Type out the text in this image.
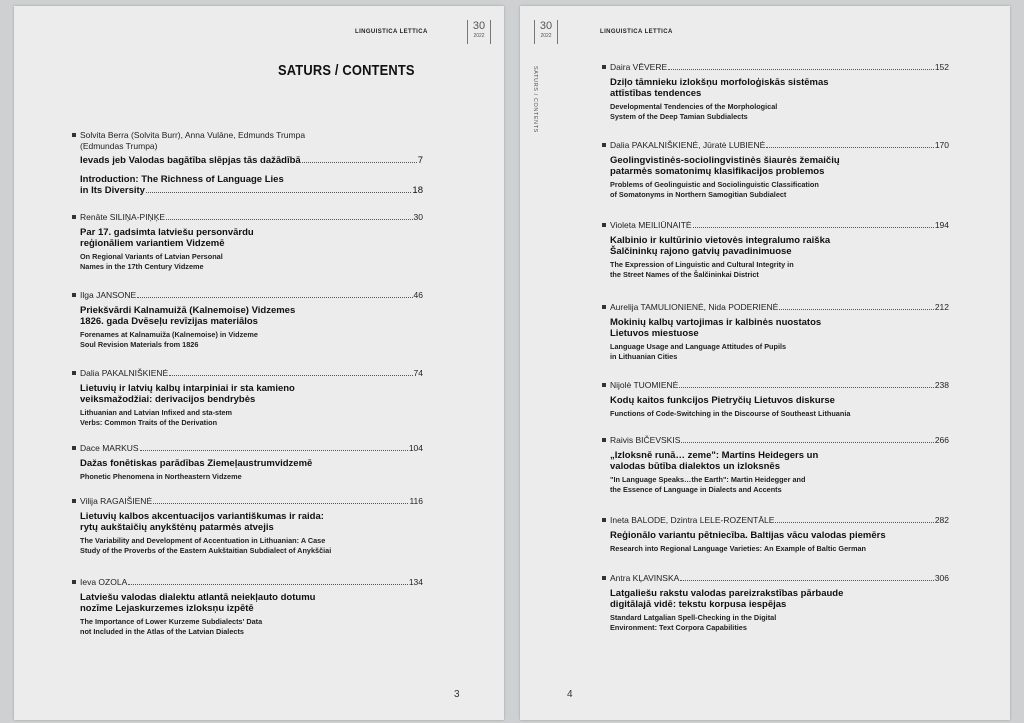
LINGUISTICA LETTICA	30
2022
SATURS / CONTENTS
Solvita Berra (Solvita Burr), Anna Vulāne, Edmunds Trumpa
(Edmundas Trumpa)
Ievads jeb Valodas bagātība slēpjas tās dažādībā	7
Introduction: The Richness of Language Lies
in Its Diversity	18
Renāte SILIŅA-PIŅĶE	30
Par 17. gadsimta latviešu personvārdu
reģionāliem variantiem Vidzemē
On Regional Variants of Latvian Personal
Names in the 17th Century Vidzeme
Ilga JANSONE	46
Priekšvārdi Kalnamuižā (Kalnemoise) Vidzemes
1826. gada Dvēseļu revīzijas materiālos
Forenames at Kalnamuiža (Kalnemoise) in Vidzeme
Soul Revision Materials from 1826
Dalia PAKALNIŠKIENĖ	74
Lietuvių ir latvių kalbų intarpiniai ir sta kamieno
veiksmažodžiai: derivacijos bendrybės
Lithuanian and Latvian Infixed and sta-stem
Verbs: Common Traits of the Derivation
Dace MARKUS	104
Dažas fonētiskas parādības Ziemeļaustrumvidzemē
Phonetic Phenomena in Northeastern Vidzeme
Vilija RAGAIŠIENĖ	116
Lietuvių kalbos akcentuacijos variantiškumas ir raida:
rytų aukštaičių anykštėnų patarmės atvejis
The Variability and Development of Accentuation in Lithuanian: A Case
Study of the Proverbs of the Eastern Aukštaitian Subdialect of Anykščiai
Ieva OZOLA	134
Latviešu valodas dialektu atlantā neiekļauto dotumu
nozīme Lejaskurzemes izloksņu izpētē
The Importance of Lower Kurzeme Subdialects' Data
not Included in the Atlas of the Latvian Dialects
3
30
2022
LINGUISTICA LETTICA
SATURS / CONTENTS	Daira VĒVERE	152
Dziļo tāmnieku izlokšņu morfoloģiskās sistēmas
attīstības tendences
Developmental Tendencies of the Morphological
System of the Deep Tamian Subdialects
Dalia PAKALNIŠKIENĖ, Jūratė LUBIENĖ	170
Geolingvistinės-sociolingvistinės šiaurės žemaičių
patarmės somatonimų klasifikacijos problemos
Problems of Geolinguistic and Sociolinguistic Classification
of Somatonyms in Northern Samogitian Subdialect
Violeta MEILIŪNAITĖ	194
Kalbinio ir kultūrinio vietovės integralumo raiška
Šalčininkų rajono gatvių pavadinimuose
The Expression of Linguistic and Cultural Integrity in
the Street Names of the Šalčininkai District
Aurelija TAMULIONIENĖ, Nida PODERIENĖ	212
Mokinių kalbų vartojimas ir kalbinės nuostatos
Lietuvos miestuose
Language Usage and Language Attitudes of Pupils
in Lithuanian Cities
Nijolė TUOMIENĖ	238
Kodų kaitos funkcijos Pietryčių Lietuvos diskurse
Functions of Code-Switching in the Discourse of Southeast Lithuania
Raivis BIČEVSKIS	266
„Izloksnē runā… zeme": Martins Heidegers un
valodas būtība dialektos un izloksnēs
"In Language Speaks…the Earth": Martin Heidegger and
the Essence of Language in Dialects and Accents
Ineta BALODE, Dzintra LELE-ROZENTĀLE	282
Reģionālo variantu pētniecība. Baltijas vācu valodas piemērs
Research into Regional Language Varieties: An Example of Baltic German
Antra KĻAVINSKA	306
Latgaliešu rakstu valodas pareizrakstības pārbaude
digitālajā vidē: tekstu korpusa iespējas
Standard Latgalian Spell-Checking in the Digital
Environment: Text Corpora Capabilities
4
